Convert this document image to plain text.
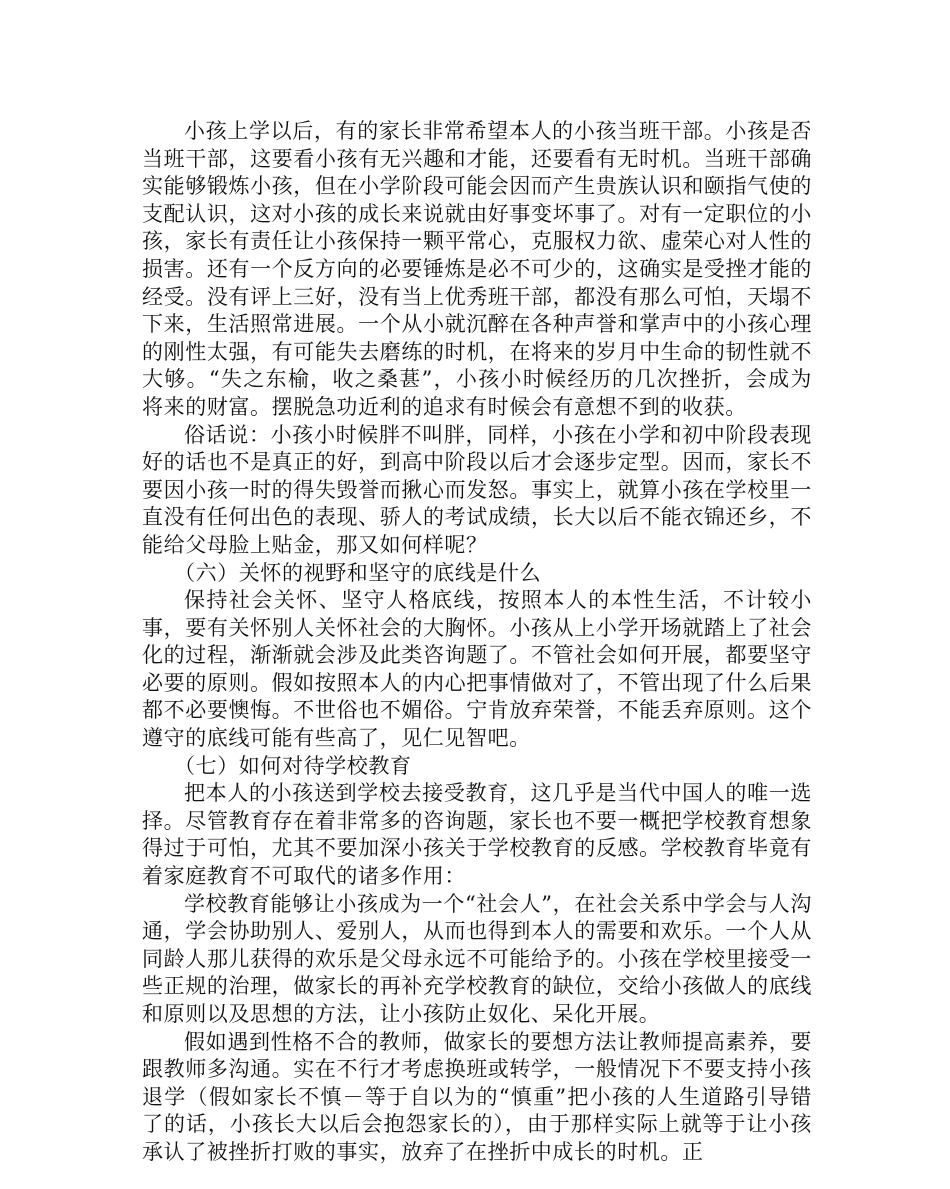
小孩上学以后，有的家长非常希望本人的小孩当班干部。小孩是否当班干部，这要看小孩有无兴趣和才能，还要看有无时机。当班干部确实能够锻炼小孩，但在小学阶段可能会因而产生贵族认识和颐指气使的支配认识，这对小孩的成长来说就由好事变坏事了。对有一定职位的小孩，家长有责任让小孩保持一颗平常心，克服权力欲、虚荣心对人性的损害。还有一个反方向的必要锤炼是必不可少的，这确实是受挫才能的经受。没有评上三好，没有当上优秀班干部，都没有那么可怕，天塌不下来，生活照常进展。一个从小就沉醉在各种声誉和掌声中的小孩心理的刚性太强，有可能失去磨练的时机，在将来的岁月中生命的韧性就不大够。“失之东榆，收之桑葚”，小孩小时候经历的几次挫折，会成为将来的财富。摆脱急功近利的追求有时候会有意想不到的收获。

俗话说：小孩小时候胖不叫胖，同样，小孩在小学和初中阶段表现好的话也不是真正的好，到高中阶段以后才会逐步定型。因而，家长不要因小孩一时的得失毁誉而揪心而发怒。事实上，就算小孩在学校里一直没有任何出色的表现、骄人的考试成绩，长大以后不能衣锦还乡，不能给父母脸上贴金，那又如何样呢？

（六）关怀的视野和坚守的底线是什么

保持社会关怀、坚守人格底线，按照本人的本性生活，不计较小事，要有关怀别人关怀社会的大胸怀。小孩从上小学开场就踏上了社会化的过程，渐渐就会涉及此类咨询题了。不管社会如何开展，都要坚守必要的原则。假如按照本人的内心把事情做对了，不管出现了什么后果都不必要懊悔。不世俗也不媚俗。宁肯放弃荣誉，不能丢弃原则。这个遵守的底线可能有些高了，见仁见智吧。

（七）如何对待学校教育

把本人的小孩送到学校去接受教育，这几乎是当代中国人的唯一选择。尽管教育存在着非常多的咨询题，家长也不要一概把学校教育想象得过于可怕，尤其不要加深小孩关于学校教育的反感。学校教育毕竟有着家庭教育不可取代的诸多作用：

学校教育能够让小孩成为一个“社会人”，在社会关系中学会与人沟通，学会协助别人、爱别人，从而也得到本人的需要和欢乐。一个人从同龄人那儿获得的欢乐是父母永远不可能给予的。小孩在学校里接受一些正规的治理，做家长的再补充学校教育的缺位，交给小孩做人的底线和原则以及思想的方法，让小孩防止奴化、呆化开展。

假如遇到性格不合的教师，做家长的要想方法让教师提高素养，要跟教师多沟通。实在不行才考虑换班或转学，一般情况下不要支持小孩退学（假如家长不慎－等于自以为的“慎重”把小孩的人生道路引导错了的话，小孩长大以后会抱怨家长的），由于那样实际上就等于让小孩承认了被挫折打败的事实，放弃了在挫折中成长的时机。正
